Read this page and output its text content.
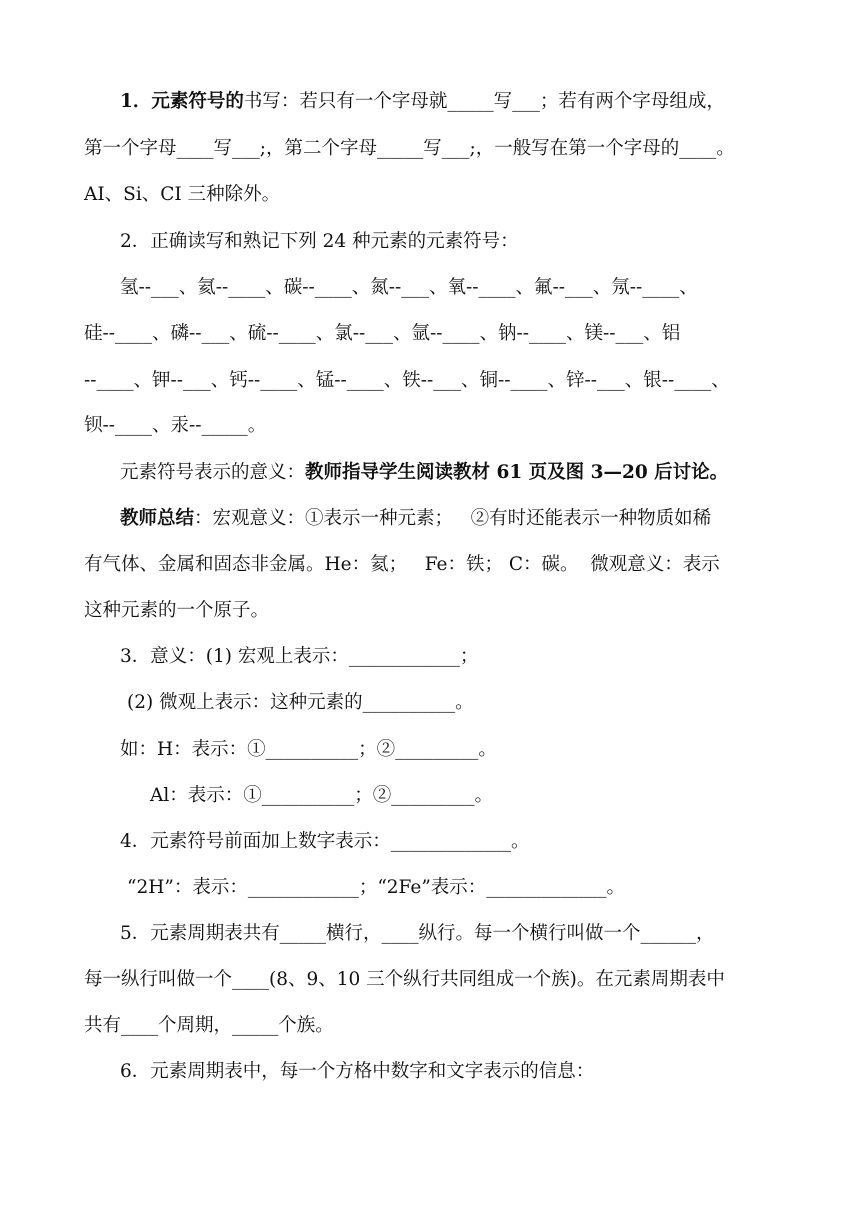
1．元素符号的书写：若只有一个字母就_____写___；若有两个字母组成，
第一个字母____写___;，第二个字母_____写___;，一般写在第一个字母的____。
AI、Si、CI 三种除外。
2．正确读写和熟记下列 24 种元素的元素符号：
氢--___、氦--____、碳--____、氮--___、氧--____、氟--___、氖--____、
硅--____、磷--___、硫--____、氯--___、氩--____、钠--____、镁--___、铝
--____、钾--___、钙--____、锰--____、铁--___、铜--____、锌--___、银--____、
钡--____、汞--_____。
元素符号表示的意义：教师指导学生阅读教材 61 页及图 3—20 后讨论。
教师总结：宏观意义：①表示一种元素；   ②有时还能表示一种物质如稀
有气体、金属和固态非金属。He：氦；   Fe：铁； C：碳。  微观意义：表示
这种元素的一个原子。
3．意义：(1) 宏观上表示：____________；
(2) 微观上表示：这种元素的__________。
如：H：表示：①__________；②_________。
Al：表示：①__________；②_________。
4．元素符号前面加上数字表示：_____________。
“2H”：表示：____________；“2Fe”表示：_____________。
5．元素周期表共有_____横行，____纵行。每一个横行叫做一个______，
每一纵行叫做一个____(8、9、10 三个纵行共同组成一个族)。在元素周期表中
共有____个周期，_____个族。
6．元素周期表中，每一个方格中数字和文字表示的信息：
